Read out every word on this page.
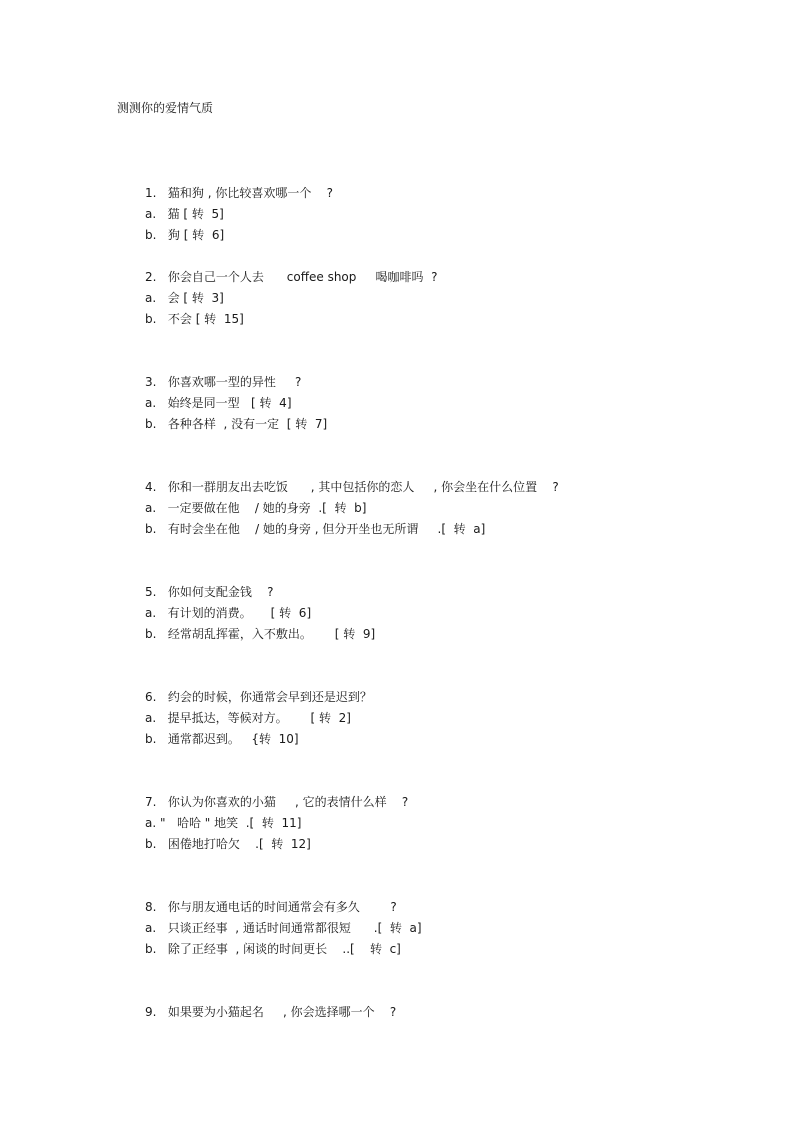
测测你的爱情气质
1.   猫和狗 , 你比较喜欢哪一个    ?
a.   猫 [ 转  5]
b.   狗 [ 转  6]
2.   你会自己一个人去      coffee shop     喝咖啡吗  ?
a.   会 [ 转  3]
b.   不会 [ 转  15]
3.   你喜欢哪一型的异性     ?
a.   始终是同一型   [ 转  4]
b.   各种各样  , 没有一定  [ 转  7]
4.   你和一群朋友出去吃饭      , 其中包括你的恋人     , 你会坐在什么位置    ?
a.   一定要做在他    / 她的身旁  .[  转  b]
b.   有时会坐在他    / 她的身旁 , 但分开坐也无所谓     .[  转  a]
5.   你如何支配金钱    ?
a.   有计划的消费。     [ 转  6]
b.   经常胡乱挥霍，入不敷出。      [ 转  9]
6.   约会的时候，你通常会早到还是迟到？
a.   提早抵达，等候对方。      [ 转  2]
b.   通常都迟到。   {转  10]
7.   你认为你喜欢的小猫     , 它的表情什么样    ?
a. "   哈哈 " 地笑  .[  转  11]
b.   困倦地打哈欠    .[  转  12]
8.   你与朋友通电话的时间通常会有多久        ?
a.   只谈正经事  , 通话时间通常都很短      .[  转  a]
b.   除了正经事  , 闲谈的时间更长    ..[    转  c]
9.   如果要为小猫起名     , 你会选择哪一个    ?
